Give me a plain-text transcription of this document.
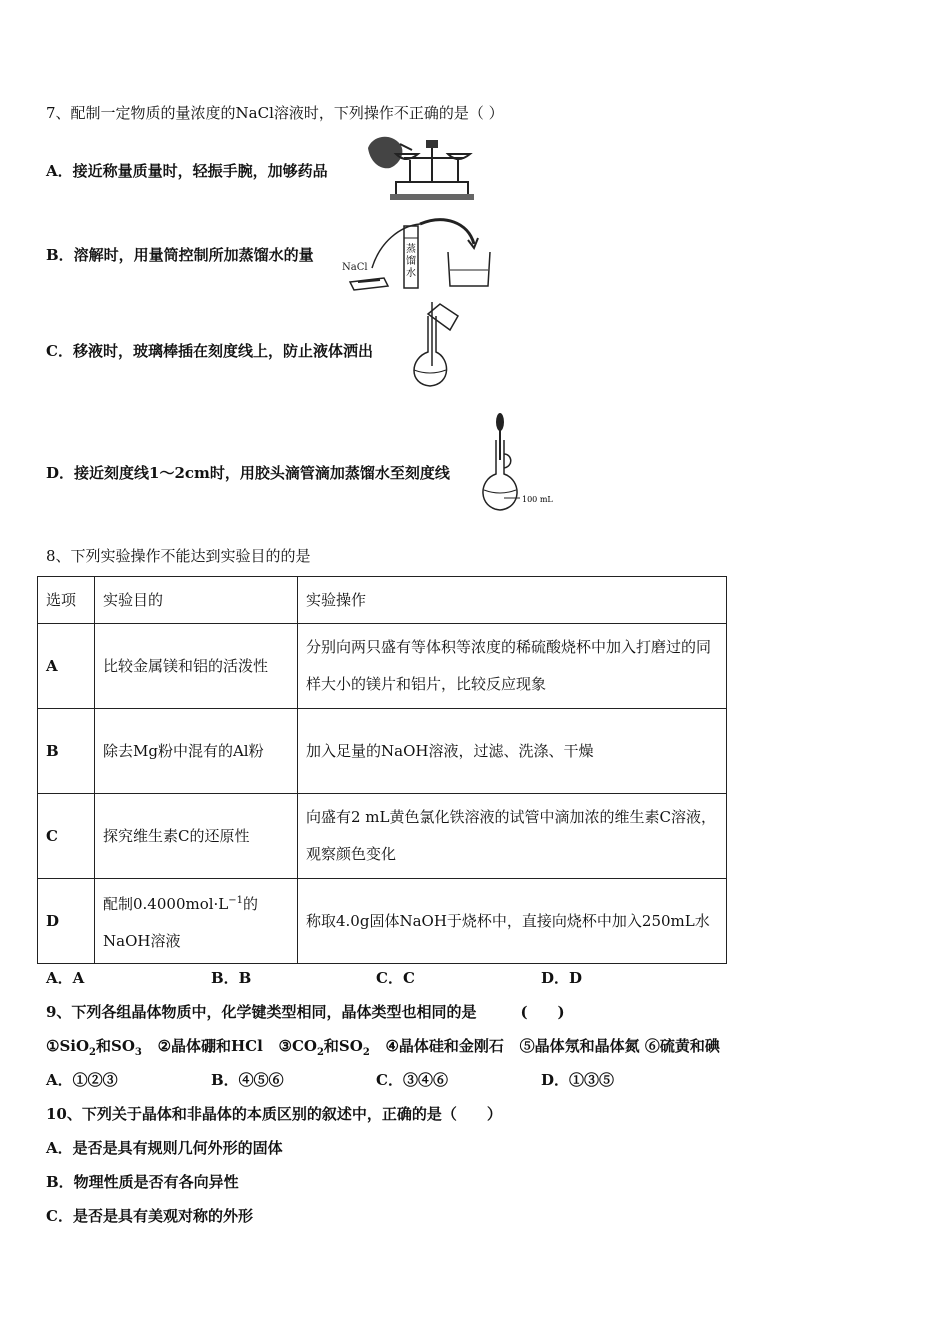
7、配制一定物质的量浓度的NaCl溶液时，下列操作不正确的是（ ）
A．接近称量质量时，轻振手腕，加够药品
B．溶解时，用量筒控制所加蒸馏水的量
C．移液时，玻璃棒插在刻度线上，防止液体洒出
D．接近刻度线1～2cm时，用胶头滴管滴加蒸馏水至刻度线
NaCl
蒸
馏
水
100 mL
8、下列实验操作不能达到实验目的的是
选项	实验目的	实验操作
A	比较金属镁和铝的活泼性	分别向两只盛有等体积等浓度的稀硫酸烧杯中加入打磨过的同样大小的镁片和铝片，比较反应现象
B	除去Mg粉中混有的Al粉	加入足量的NaOH溶液，过滤、洗涤、干燥
C	探究维生素C的还原性	向盛有2 mL黄色氯化铁溶液的试管中滴加浓的维生素C溶液，观察颜色变化
D	配制$0.4000mol\cdot L^{-1}$的NaOH溶液	称取4.0g固体NaOH于烧杯中，直接向烧杯中加入250mL水
A．A	B．B	C．C	D．D
9、下列各组晶体物质中，化学键类型相同，晶体类型也相同的是	(　　)
①SiO$_2$和$SO_3$ ②晶体硼和HCl $③CO_2$和$SO_2$ ④晶体硅和金刚石 ⑤晶体氖和晶体氮 ⑥硫黄和碘
A．①②③	B．④⑤⑥	C．③④⑥	D．①③⑤
10、下列关于晶体和非晶体的本质区别的叙述中，正确的是（　　）
A．是否是具有规则几何外形的固体
B．物理性质是否有各向异性
C．是否是具有美观对称的外形
